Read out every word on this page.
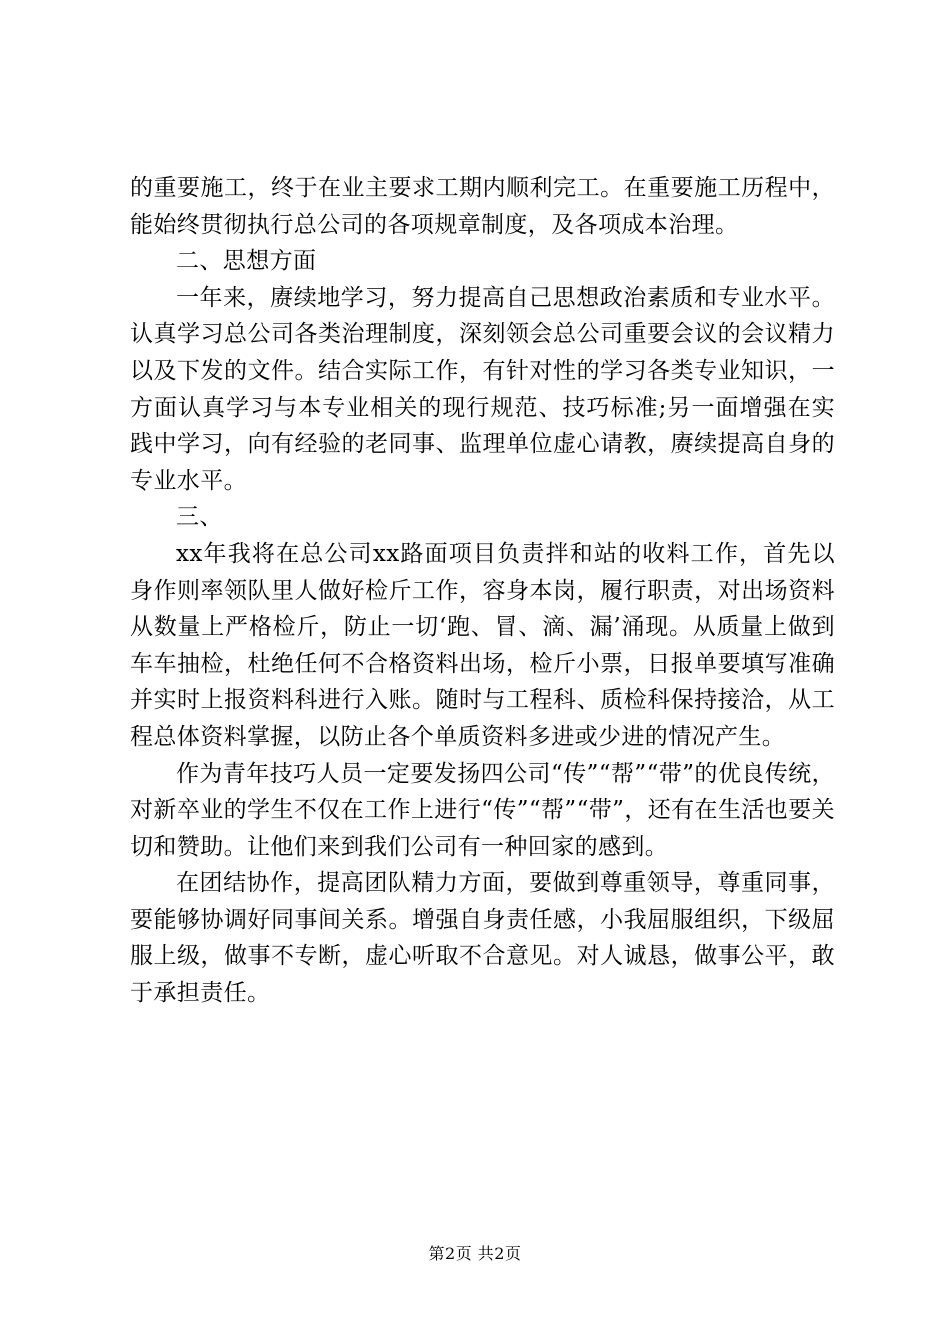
的重要施工，终于在业主要求工期内顺利完工。在重要施工历程中，能始终贯彻执行总公司的各项规章制度，及各项成本治理。

二、思想方面

一年来，赓续地学习，努力提高自己思想政治素质和专业水平。认真学习总公司各类治理制度，深刻领会总公司重要会议的会议精力以及下发的文件。结合实际工作，有针对性的学习各类专业知识，一方面认真学习与本专业相关的现行规范、技巧标准;另一面增强在实践中学习，向有经验的老同事、监理单位虚心请教，赓续提高自身的专业水平。

三、

xx年我将在总公司xx路面项目负责拌和站的收料工作，首先以身作则率领队里人做好检斤工作，容身本岗，履行职责，对出场资料从数量上严格检斤，防止一切‘跑、冒、滴、漏’涌现。从质量上做到车车抽检，杜绝任何不合格资料出场，检斤小票，日报单要填写准确并实时上报资料科进行入账。随时与工程科、质检科保持接洽，从工程总体资料掌握，以防止各个单质资料多进或少进的情况产生。

作为青年技巧人员一定要发扬四公司“传”“帮”“带”的优良传统，对新卒业的学生不仅在工作上进行“传”“帮”“带”，还有在生活也要关切和赞助。让他们来到我们公司有一种回家的感到。

在团结协作，提高团队精力方面，要做到尊重领导，尊重同事，要能够协调好同事间关系。增强自身责任感，小我屈服组织，下级屈服上级，做事不专断，虚心听取不合意见。对人诚恳，做事公平，敢于承担责任。

第2页 共2页
